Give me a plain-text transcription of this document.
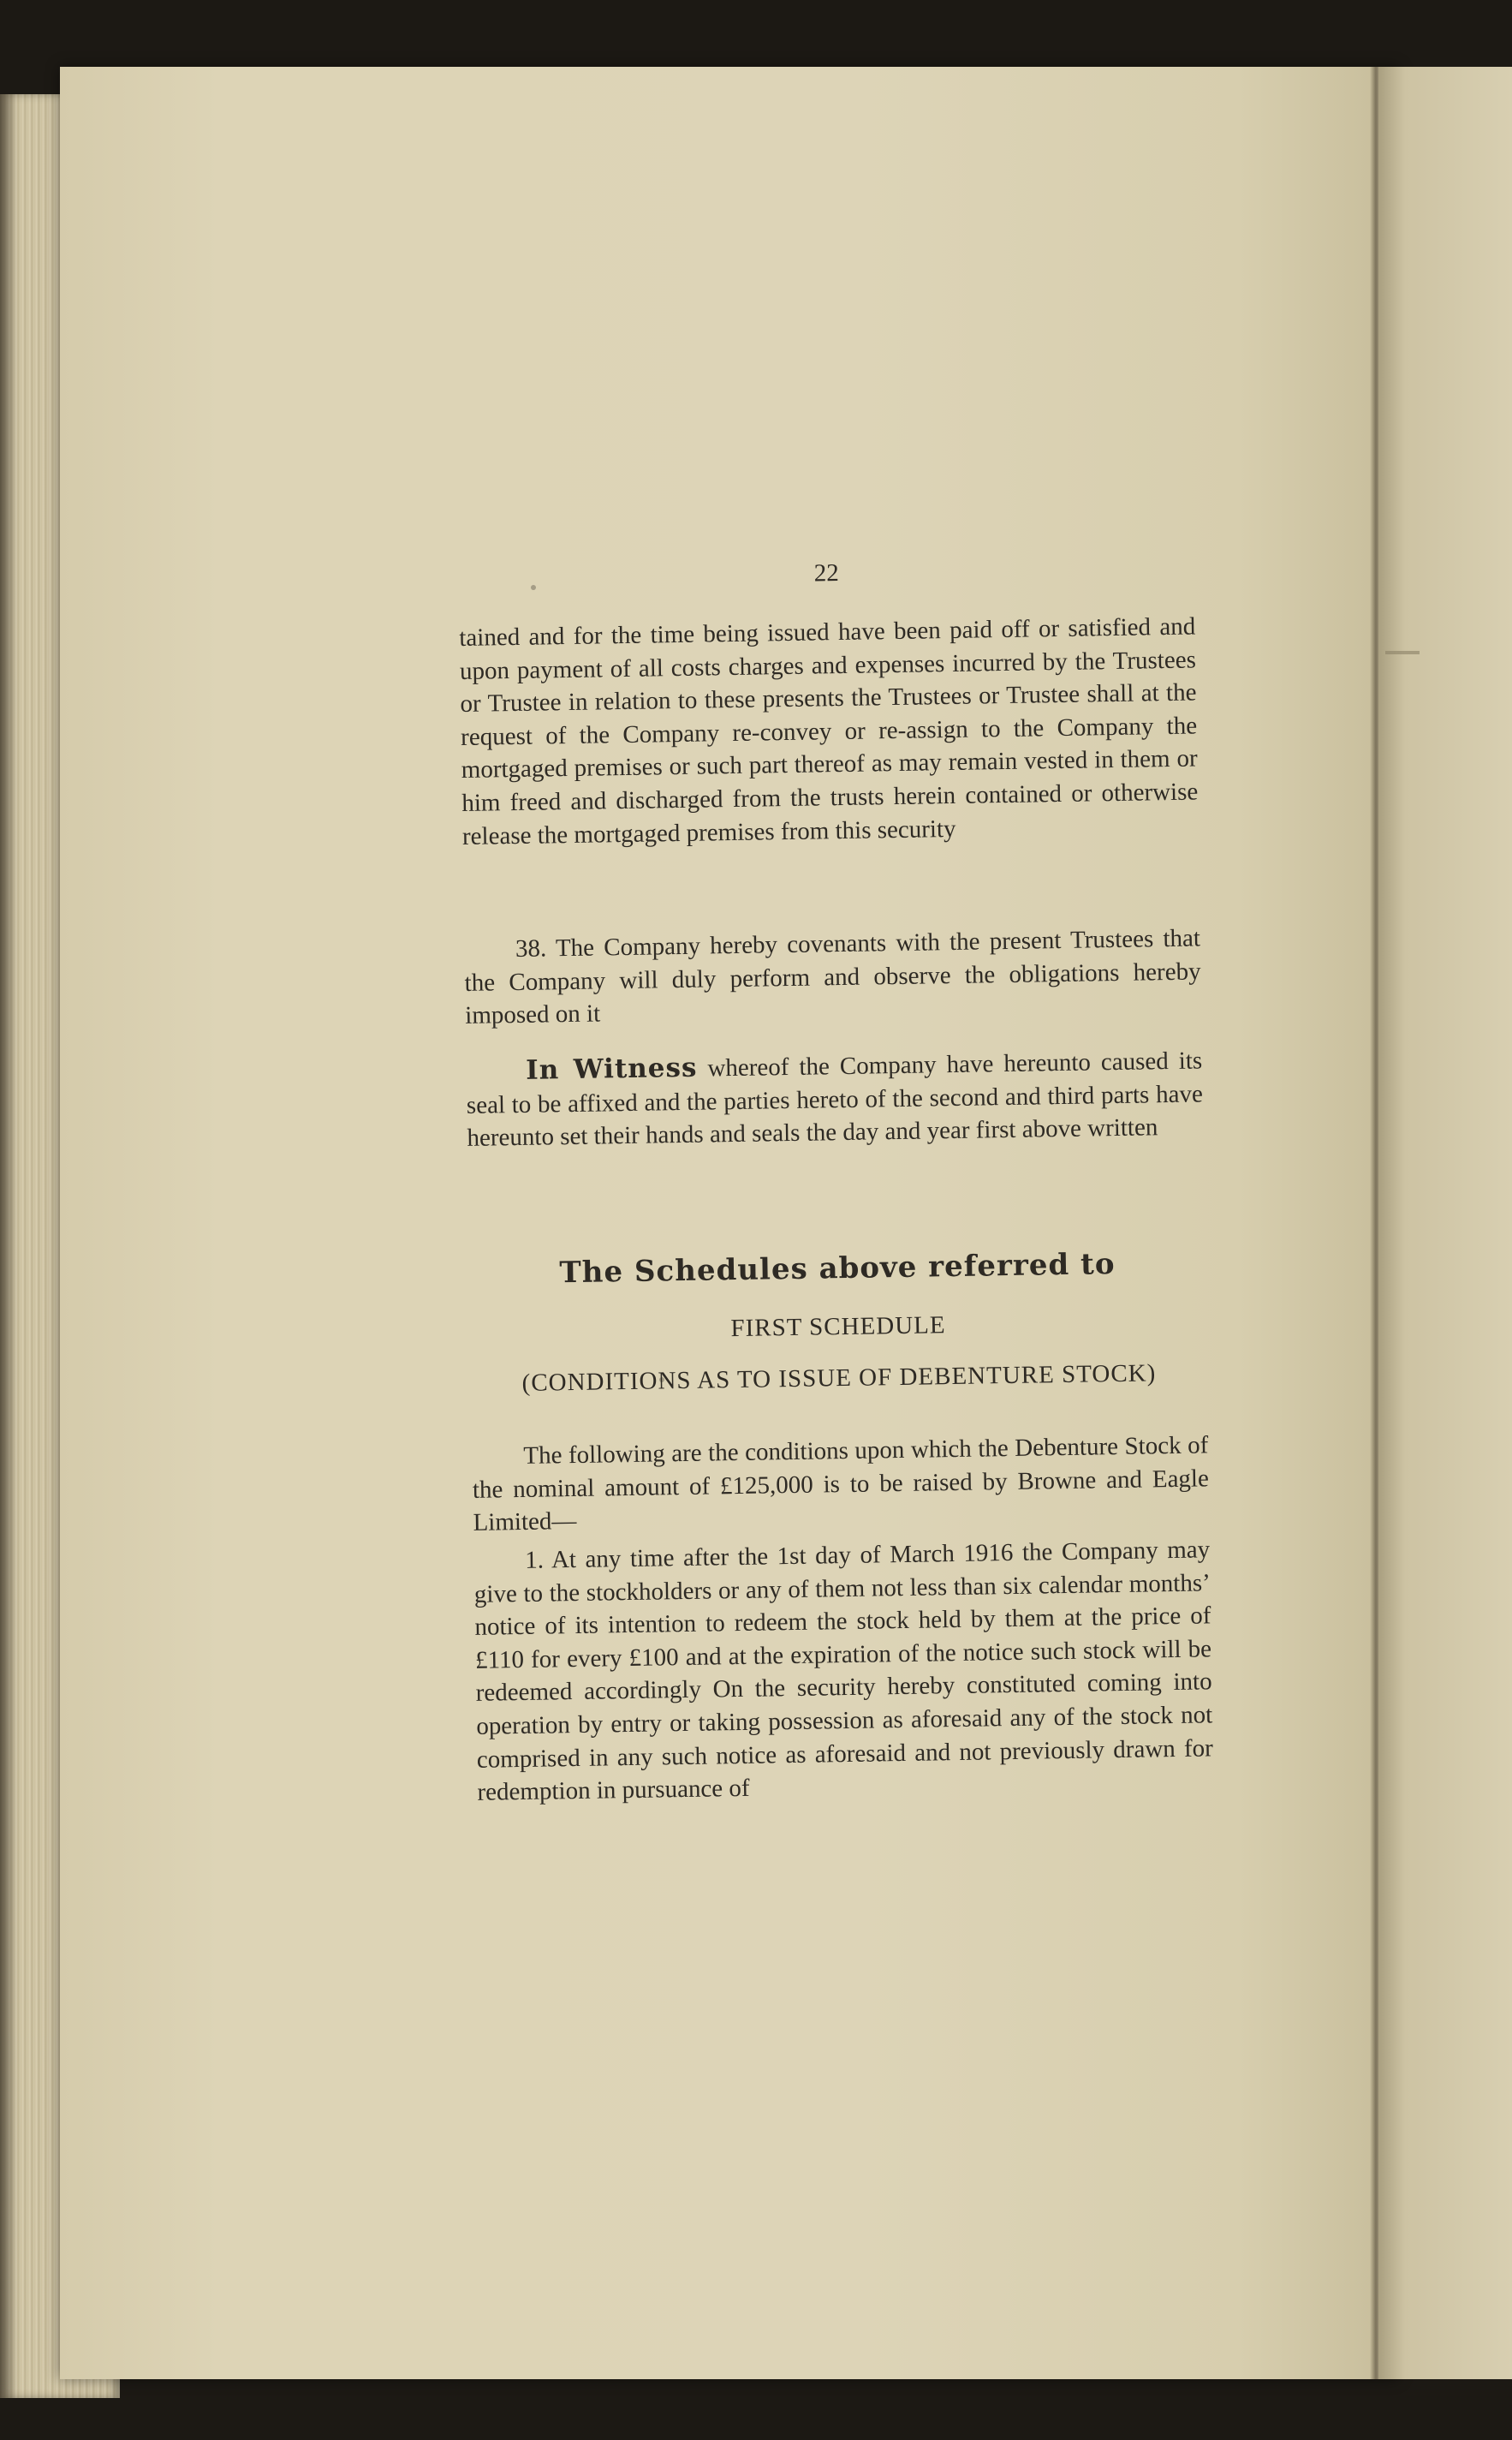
22
tained and for the time being issued have been paid off or satisfied and upon payment of all costs charges and expenses incurred by the Trustees or Trustee in relation to these presents the Trustees or Trustee shall at the request of the Company re-convey or re-assign to the Company the mortgaged premises or such part thereof as may remain vested in them or him freed and discharged from the trusts herein contained or otherwise release the mortgaged premises from this security
38. The Company hereby covenants with the present Trustees that the Company will duly perform and observe the obligations hereby imposed on it
In Witness whereof the Company have hereunto caused its seal to be affixed and the parties hereto of the second and third parts have hereunto set their hands and seals the day and year first above written
The Schedules above referred to
FIRST SCHEDULE
(CONDITIONS AS TO ISSUE OF DEBENTURE STOCK)
The following are the conditions upon which the Debenture Stock of the nominal amount of £125,000 is to be raised by Browne and Eagle Limited—
1. At any time after the 1st day of March 1916 the Company may give to the stockholders or any of them not less than six calendar months’ notice of its intention to redeem the stock held by them at the price of £110 for every £100 and at the expiration of the notice such stock will be redeemed accordingly On the security hereby constituted coming into operation by entry or taking possession as aforesaid any of the stock not comprised in any such notice as aforesaid and not previously drawn for redemption in pursuance of
